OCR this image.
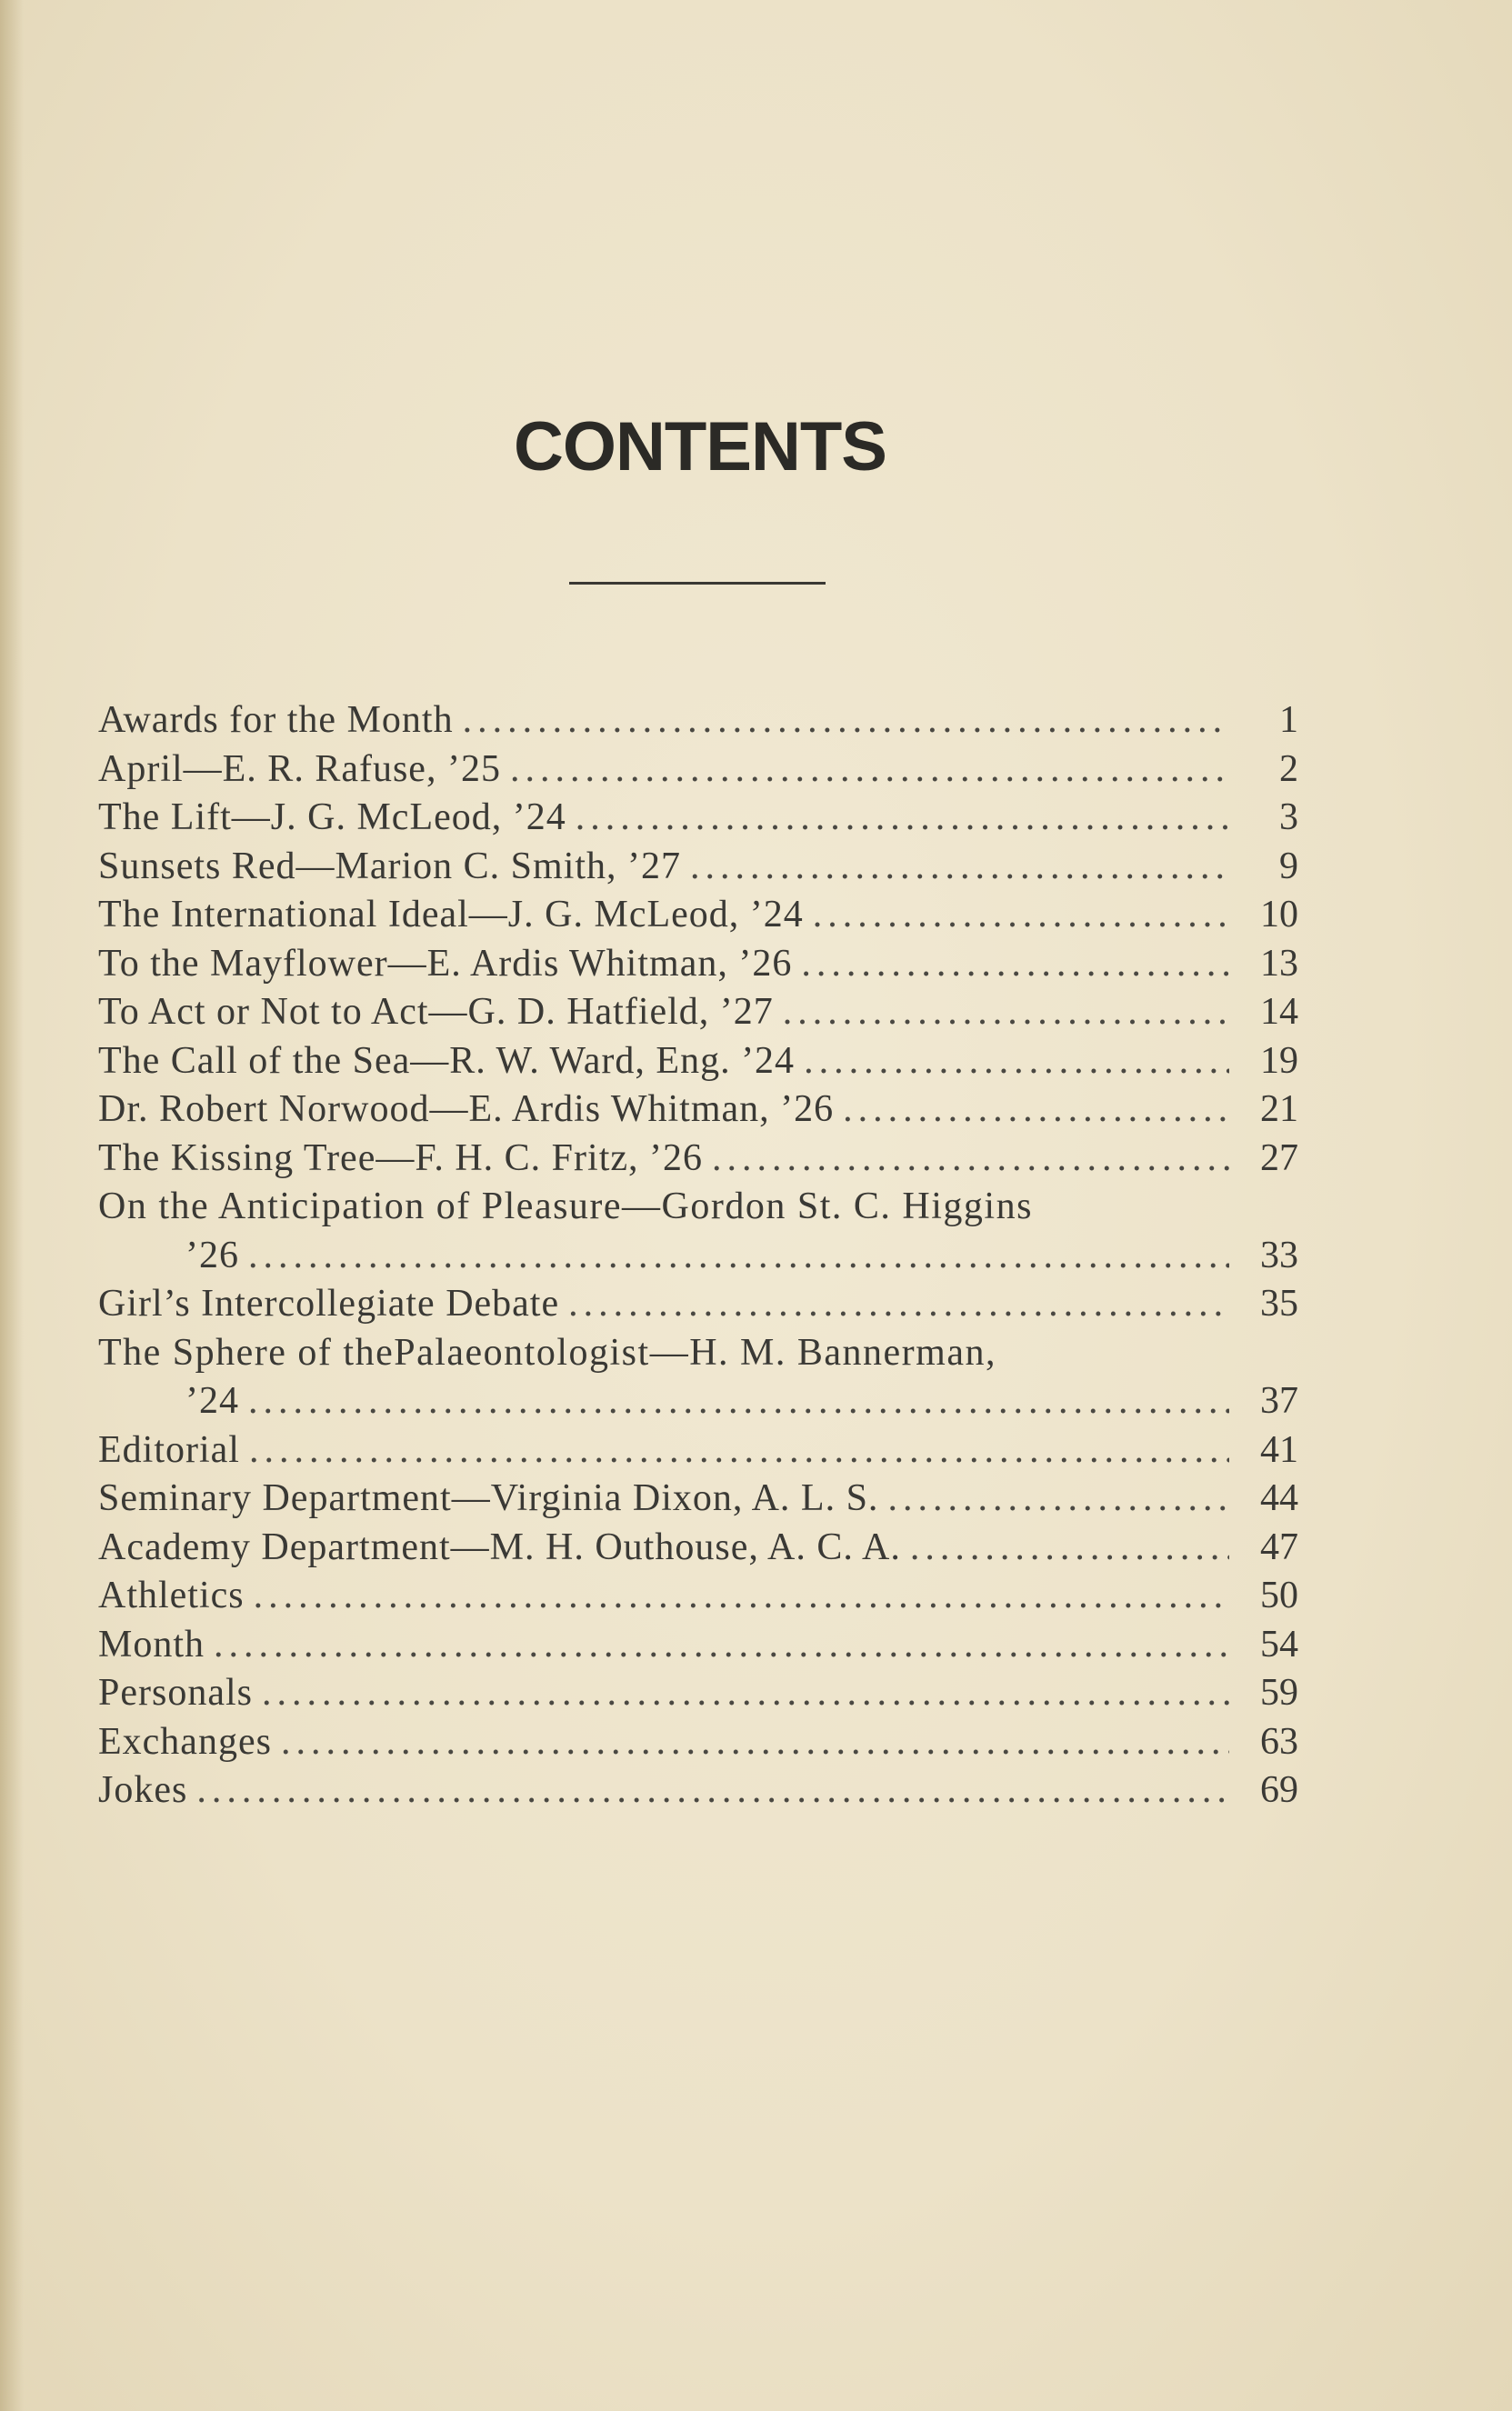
CONTENTS
Awards for the Month .....	1
April—E. R. Rafuse, ’25 .....	2
The Lift—J. G. McLeod, ’24 .....	3
Sunsets Red—Marion C. Smith, ’27 .....	9
The International Ideal—J. G. McLeod, ’24 .....	10
To the Mayflower—E. Ardis Whitman, ’26 .....	13
To Act or Not to Act—G. D. Hatfield, ’27 .....	14
The Call of the Sea—R. W. Ward, Eng. ’24 .....	19
Dr. Robert Norwood—E. Ardis Whitman, ’26 .....	21
The Kissing Tree—F. H. C. Fritz, ’26 .....	27
On the Anticipation of Pleasure—Gordon St. C. Higgins
’26 .....	33
Girl’s Intercollegiate Debate .....	35
The Sphere of thePalaeontologist—H. M. Bannerman,
’24 .....	37
Editorial .....	41
Seminary Department—Virginia Dixon, A. L. S. .....	44
Academy Department—M. H. Outhouse, A. C. A. .....	47
Athletics .....	50
Month .....	54
Personals .....	59
Exchanges .....	63
Jokes .....	69
